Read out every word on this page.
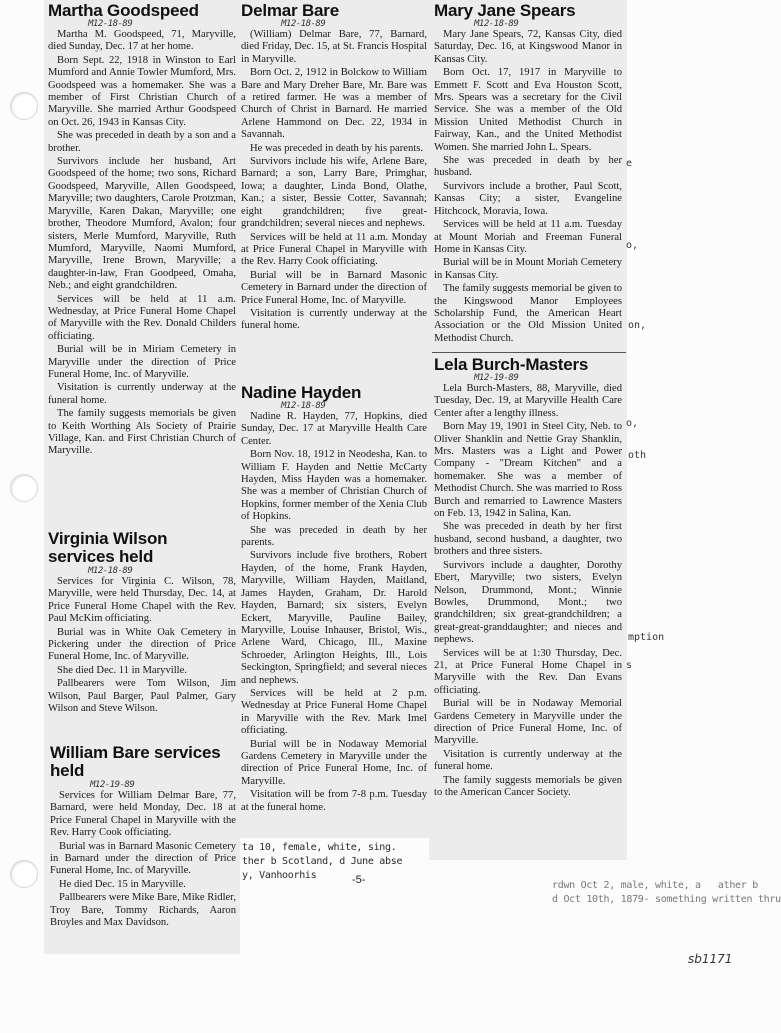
Martha Goodspeed
M12-18-89

Martha M. Goodspeed, 71, Maryville, died Sunday, Dec. 17 at her home.

Born Sept. 22, 1918 in Winston to Earl Mumford and Annie Towler Mumford, Mrs. Goodspeed was a homemaker. She was a member of First Christian Church of Maryville. She married Arthur Goodspeed on Oct. 26, 1943 in Kansas City.

She was preceded in death by a son and a brother.

Survivors include her husband, Art Goodspeed of the home; two sons, Richard Goodspeed, Maryville, Allen Goodspeed, Maryville; two daughters, Carole Protzman, Maryville, Karen Dakan, Maryville; one brother, Theodore Mumford, Avalon; four sisters, Merle Mumford, Maryville, Ruth Mumford, Maryville, Naomi Mumford, Maryville, Irene Brown, Maryville; a daughter-in-law, Fran Goodpeed, Omaha, Neb.; and eight grandchildren.

Services will be held at 11 a.m. Wednesday, at Price Funeral Home Chapel of Maryville with the Rev. Donald Childers officiating.

Burial will be in Miriam Cemetery in Maryville under the direction of Price Funeral Home, Inc. of Maryville.

Visitation is currently underway at the funeral home.

The family suggests memorials be given to Keith Worthing Als Society of Prairie Village, Kan. and First Christian Church of Maryville.

Virginia Wilson services held
M12-18-89

Services for Virginia C. Wilson, 78, Maryville, were held Thursday, Dec. 14, at Price Funeral Home Chapel with the Rev. Paul McKim officiating.

Burial was in White Oak Cemetery in Pickering under the direction of Price Funeral Home, Inc. of Maryville.

She died Dec. 11 in Maryville.

Pallbearers were Tom Wilson, Jim Wilson, Paul Barger, Paul Palmer, Gary Wilson and Steve Wilson.

William Bare services held
M12-19-89

Services for William Delmar Bare, 77, Barnard, were held Monday, Dec. 18 at Price Funeral Chapel in Maryville with the Rev. Harry Cook officiating.

Burial was in Barnard Masonic Cemetery in Barnard under the direction of Price Funeral Home, Inc. of Maryville.

He died Dec. 15 in Maryville.

Pallbearers were Mike Bare, Mike Ridler, Troy Bare, Tommy Richards, Aaron Broyles and Max Davidson.

Delmar Bare
M12-18-89

(William) Delmar Bare, 77, Barnard, died Friday, Dec. 15, at St. Francis Hospital in Maryville.

Born Oct. 2, 1912 in Bolckow to William Bare and Mary Dreher Bare, Mr. Bare was a retired farmer. He was a member of Church of Christ in Barnard. He married Arlene Hammond on Dec. 22, 1934 in Savannah.

He was preceded in death by his parents.

Survivors include his wife, Arlene Bare, Barnard; a son, Larry Bare, Primghar, Iowa; a daughter, Linda Bond, Olathe, Kan.; a sister, Bessie Cotter, Savannah; eight grandchildren; five great-grandchildren; several nieces and nephews.

Services will be held at 11 a.m. Monday at Price Funeral Chapel in Maryville with the Rev. Harry Cook officiating.

Burial will be in Barnard Masonic Cemetery in Barnard under the direction of Price Funeral Home, Inc. of Maryville.

Visitation is currently underway at the funeral home.

Nadine Hayden
M12-18-89

Nadine R. Hayden, 77, Hopkins, died Sunday, Dec. 17 at Maryville Health Care Center.

Born Nov. 18, 1912 in Neodesha, Kan. to William F. Hayden and Nettie McCarty Hayden, Miss Hayden was a homemaker. She was a member of Christian Church of Hopkins, former member of the Xenia Club of Hopkins.

She was preceded in death by her parents.

Survivors include five brothers, Robert Hayden, of the home, Frank Hayden, Maryville, William Hayden, Maitland, James Hayden, Graham, Dr. Harold Hayden, Barnard; six sisters, Evelyn Eckert, Maryville, Pauline Bailey, Maryville, Louise Inhauser, Bristol, Wis., Arlene Ward, Chicago, Ill., Maxine Schroeder, Arlington Heights, Ill., Lois Seckington, Springfield; and several nieces and nephews.

Services will be held at 2 p.m. Wednesday at Price Funeral Home Chapel in Maryville with the Rev. Mark Imel officiating.

Burial will be in Nodaway Memorial Gardens Cemetery in Maryville under the direction of Price Funeral Home, Inc. of Maryville.

Visitation will be from 7-8 p.m. Tuesday at the funeral home.

Mary Jane Spears
M12-18-89

Mary Jane Spears, 72, Kansas City, died Saturday, Dec. 16, at Kingswood Manor in Kansas City.

Born Oct. 17, 1917 in Maryville to Emmett F. Scott and Eva Houston Scott, Mrs. Spears was a secretary for the Civil Service. She was a member of the Old Mission United Methodist Church in Fairway, Kan., and the United Methodist Women. She married John L. Spears.

She was preceded in death by her husband.

Survivors include a brother, Paul Scott, Kansas City; a sister, Evangeline Hitchcock, Moravia, Iowa.

Services will be held at 11 a.m. Tuesday at Mount Moriah and Freeman Funeral Home in Kansas City.

Burial will be in Mount Moriah Cemetery in Kansas City.

The family suggests memorial be given to the Kingswood Manor Employees Scholarship Fund, the American Heart Association or the Old Mission United Methodist Church.

Lela Burch-Masters
M12-19-89

Lela Burch-Masters, 88, Maryville, died Tuesday, Dec. 19, at Maryville Health Care Center after a lengthy illness.

Born May 19, 1901 in Steel City, Neb. to Oliver Shanklin and Nettie Gray Shanklin, Mrs. Masters was a Light and Power Company - "Dream Kitchen" and a homemaker. She was a member of Methodist Church. She was married to Ross Burch and remarried to Lawrence Masters on Feb. 13, 1942 in Salina, Kan.

She was preceded in death by her first husband, second husband, a daughter, two brothers and three sisters.

Survivors include a daughter, Dorothy Ebert, Maryville; two sisters, Evelyn Nelson, Drummond, Mont.; Winnie Bowles, Drummond, Mont.; two grandchildren; six great-grandchildren; a great-great-granddaughter; and nieces and nephews.

Services will be at 1:30 Thursday, Dec. 21, at Price Funeral Home Chapel in Maryville with the Rev. Dan Evans officiating.

Burial will be in Nodaway Memorial Gardens Cemetery in Maryville under the direction of Price Funeral Home, Inc. of Maryville.

Visitation is currently underway at the funeral home.

The family suggests memorials be given to the American Cancer Society.

on,
o,
oth
mption
s
e
o,
ta 10, female, white, sing.
ther b Scotland, d June abse
y, Vanhoorhis	-5-	rdwn Oct 2, male, white, a   ather b
d Oct 10th, 1879- something written thru
sb1171
